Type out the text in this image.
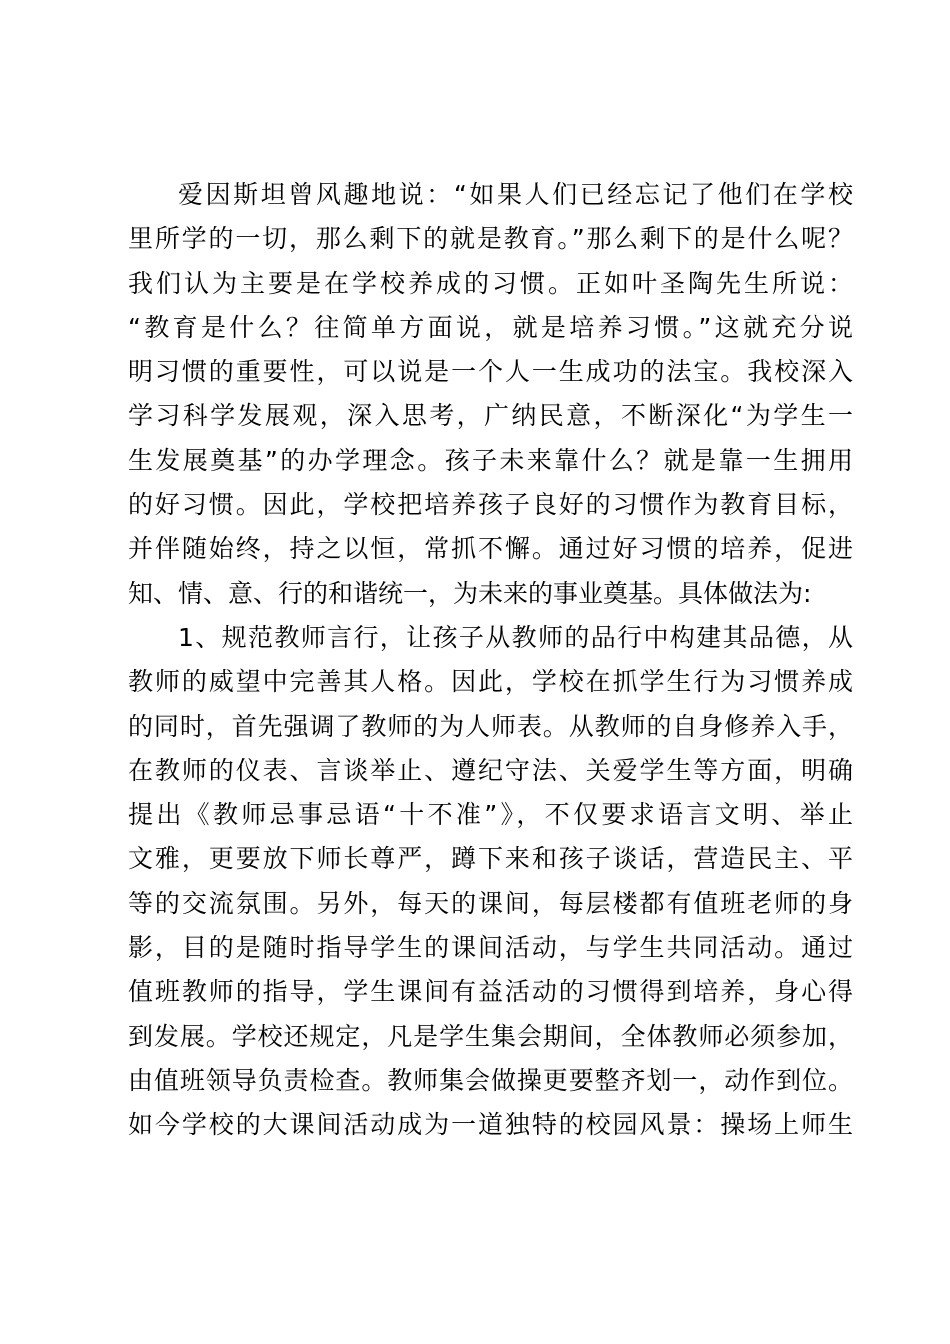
爱因斯坦曾风趣地说：“如果人们已经忘记了他们在学校
里所学的一切，那么剩下的就是教育。”那么剩下的是什么呢？
我们认为主要是在学校养成的习惯。正如叶圣陶先生所说：
“教育是什么？往简单方面说，就是培养习惯。”这就充分说
明习惯的重要性，可以说是一个人一生成功的法宝。我校深入
学习科学发展观，深入思考，广纳民意，不断深化“为学生一
生发展奠基”的办学理念。孩子未来靠什么？就是靠一生拥用
的好习惯。因此，学校把培养孩子良好的习惯作为教育目标，
并伴随始终，持之以恒，常抓不懈。通过好习惯的培养，促进
知、情、意、行的和谐统一，为未来的事业奠基。具体做法为:
1、规范教师言行，让孩子从教师的品行中构建其品德，从
教师的威望中完善其人格。因此，学校在抓学生行为习惯养成
的同时，首先强调了教师的为人师表。从教师的自身修养入手，
在教师的仪表、言谈举止、遵纪守法、关爱学生等方面，明确
提出《教师忌事忌语“十不准”》，不仅要求语言文明、举止
文雅，更要放下师长尊严，蹲下来和孩子谈话，营造民主、平
等的交流氛围。另外，每天的课间，每层楼都有值班老师的身
影，目的是随时指导学生的课间活动，与学生共同活动。通过
值班教师的指导，学生课间有益活动的习惯得到培养，身心得
到发展。学校还规定，凡是学生集会期间，全体教师必须参加，
由值班领导负责检查。教师集会做操更要整齐划一，动作到位。
如今学校的大课间活动成为一道独特的校园风景：操场上师生
